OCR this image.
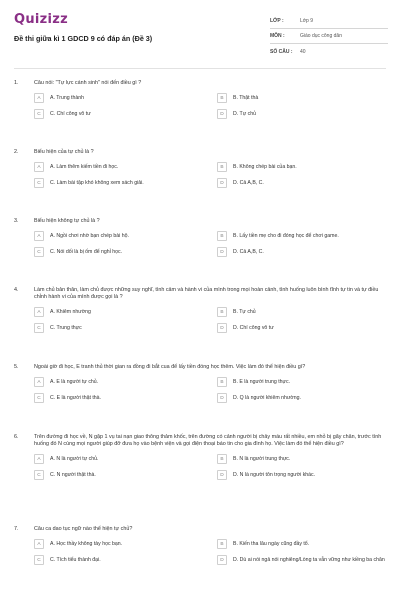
Quizizz
Đề thi giữa kì 1 GDCD 9 có đáp án (Đề 3)
LỚP :	Lớp 9
MÔN :	Giáo dục công dân
SỐ CÂU :	40
1.	Câu nói: "Tự lực cánh sinh" nói đến điều gì ?
A	A. Trung thành	B	B. Thật thà
C	C. Chí công vô tư	D	D. Tự chủ
2.	Biểu hiện của tự chủ là ?
A	A. Làm thêm kiếm tiền đi học.	B	B. Không chép bài của bạn.
C	C. Làm bài tập khó không xem sách giải.	D	D. Cả A,B, C.
3.	Biểu hiện không tự chủ là ?
A	A. Ngồi chơi nhờ bạn chép bài hộ.	B	B. Lấy tiền mẹ cho đi đóng học để chơi game.
C	C. Nói dối là bị ốm để nghỉ học.	D	D. Cả A,B, C.
4.	Làm chủ bản thân, làm chủ được những suy nghĩ, tình cảm và hành vi của mình trong mọi hoàn cảnh, tình huống luôn bình tĩnh tự tin và tự điều chỉnh hành vi của mình được gọi là ?
A	A. Khiêm nhường	B	B. Tự chủ
C	C. Trung thực	D	D. Chí công vô tư
5.	Ngoài giờ đi học, E tranh thủ thời gian ra đồng đi bắt cua để lấy tiền đóng học thêm. Việc làm đó thể hiện điều gì?
A	A. E là người tự chủ.	B	B. E là người trung thực.
C	C. E là người thật thà.	D	D. Q là người khiêm nhường.
6.	Trên đường đi học về, N gặp 1 vụ tai nạn giao thông thảm khốc, trên đường có cảnh người bị chảy máu rất nhiều, em nhỏ bị gãy chân, trước tình huống đó N cùng mọi người giúp đỡ đưa họ vào bệnh viện và gọi điện thoại báo tin cho gia đình họ. Việc làm đó thể hiện điều gì?
A	A. N là người tự chủ.	B	B. N là người trung thực.
C	C. N người thật thà.	D	D. N là người tôn trọng người khác.
7.	Câu ca dao tục ngữ nào thể hiện tự chủ?
A	A. Học thầy không tày học bạn.	B	B. Kiến tha lâu ngày cũng đầy tổ.
C	C. Tích tiểu thành đại.	D	D. Dù ai nói ngả nói nghiêng/Lòng ta vẫn vững như kiềng ba chân
